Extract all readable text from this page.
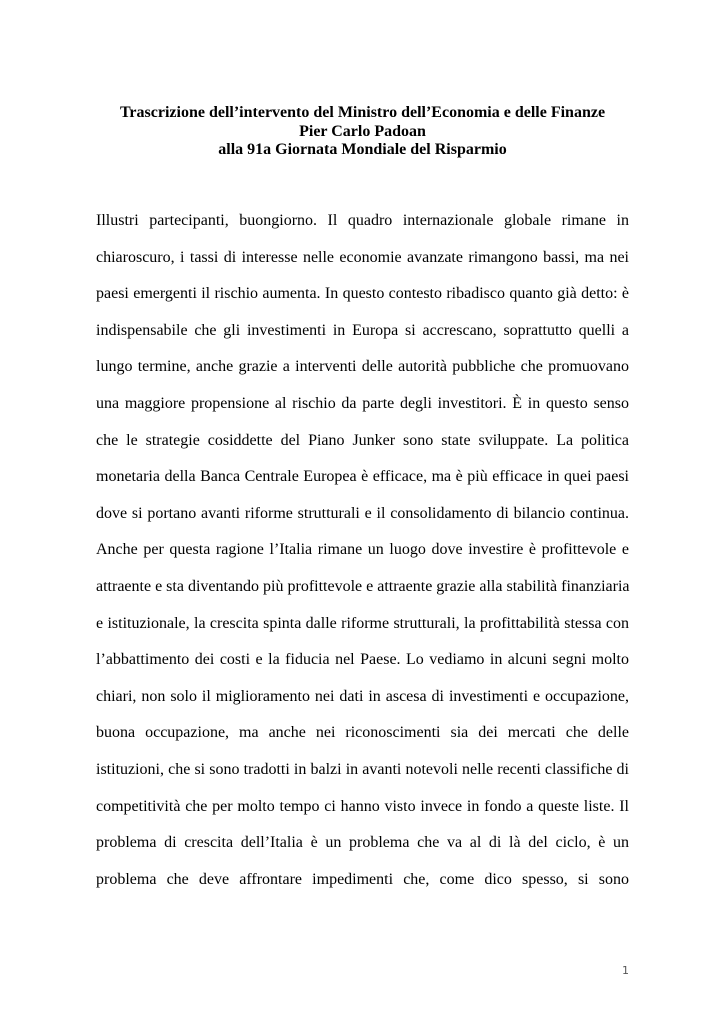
Trascrizione dell’intervento del Ministro dell’Economia e delle Finanze
Pier Carlo Padoan
alla 91a Giornata Mondiale del Risparmio
Illustri partecipanti, buongiorno. Il quadro internazionale globale rimane in
chiaroscuro, i tassi di interesse nelle economie avanzate rimangono bassi, ma nei
paesi emergenti il rischio aumenta. In questo contesto ribadisco quanto già detto: è
indispensabile che gli investimenti in Europa si accrescano, soprattutto quelli a
lungo termine, anche grazie a interventi delle autorità pubbliche che promuovano
una maggiore propensione al rischio da parte degli investitori. È in questo senso
che le strategie cosiddette del Piano Junker sono state sviluppate. La politica
monetaria della Banca Centrale Europea è efficace, ma è più efficace in quei paesi
dove si portano avanti riforme strutturali e il consolidamento di bilancio continua.
Anche per questa ragione l’Italia rimane un luogo dove investire è profittevole e
attraente e sta diventando più profittevole e attraente grazie alla stabilità finanziaria
e istituzionale, la crescita spinta dalle riforme strutturali, la profittabilità stessa con
l’abbattimento dei costi e la fiducia nel Paese. Lo vediamo in alcuni segni molto
chiari, non solo il miglioramento nei dati in ascesa di investimenti e occupazione,
buona occupazione, ma anche nei riconoscimenti sia dei mercati che delle
istituzioni, che si sono tradotti in balzi in avanti notevoli nelle recenti classifiche di
competitività che per molto tempo ci hanno visto invece in fondo a queste liste. Il
problema di crescita dell’Italia è un problema che va al di là del ciclo, è un
problema che deve affrontare impedimenti che, come dico spesso, si sono
1
